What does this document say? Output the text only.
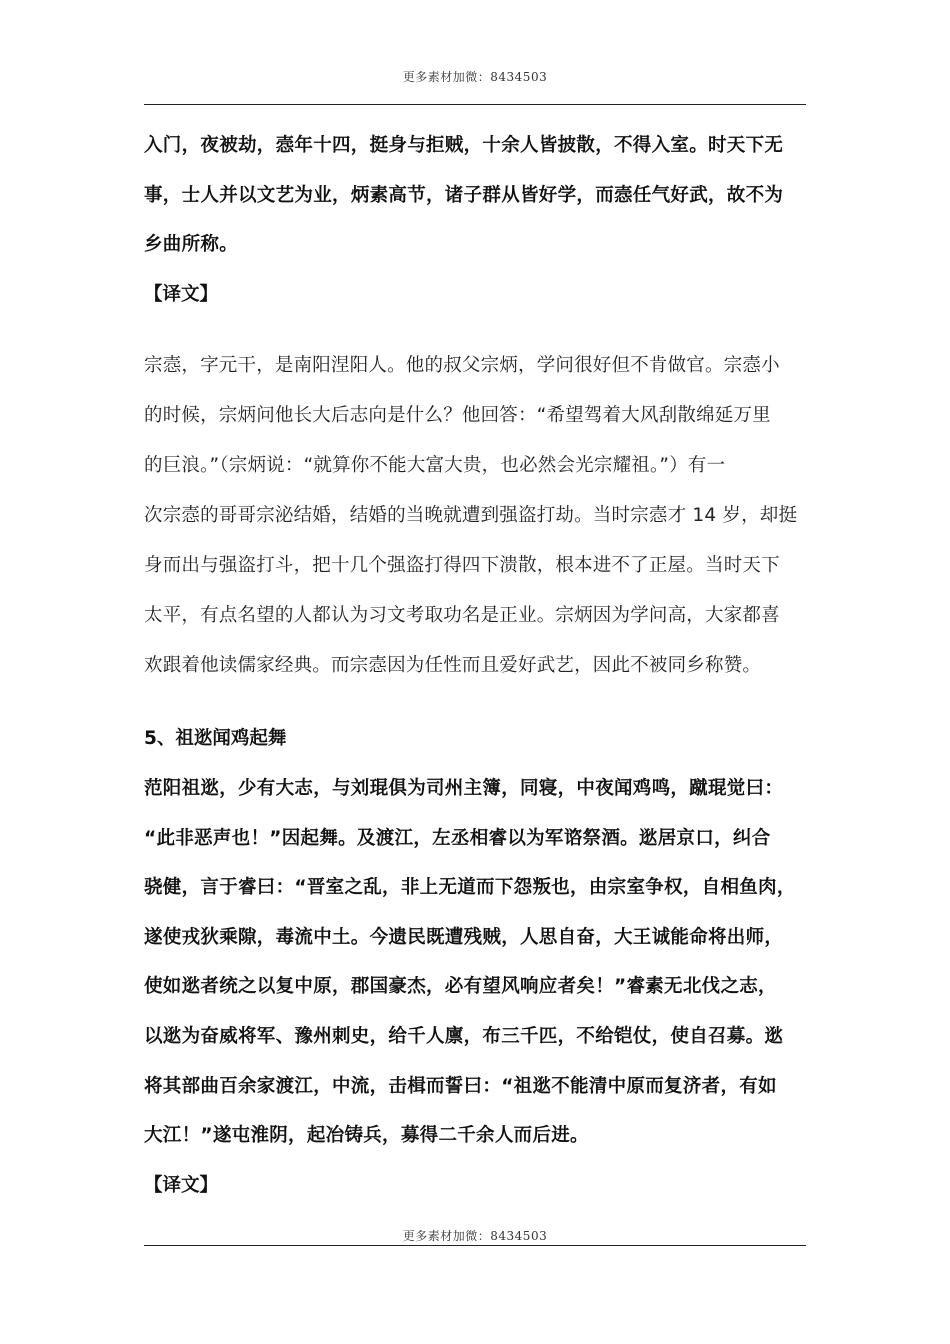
更多素材加微：8434503

入门，夜被劫，悫年十四，挺身与拒贼，十余人皆披散，不得入室。时天下无

事，士人并以文艺为业，炳素高节，诸子群从皆好学，而悫任气好武，故不为

乡曲所称。

【译文】

宗悫，字元干，是南阳涅阳人。他的叔父宗炳，学问很好但不肯做官。宗悫小

的时候，宗炳问他长大后志向是什么？他回答：“希望驾着大风刮散绵延万里

的巨浪。”（宗炳说：“就算你不能大富大贵，也必然会光宗耀祖。”）有一

次宗悫的哥哥宗泌结婚，结婚的当晚就遭到强盗打劫。当时宗悫才 14 岁，却挺

身而出与强盗打斗，把十几个强盗打得四下溃散，根本进不了正屋。当时天下

太平，有点名望的人都认为习文考取功名是正业。宗炳因为学问高，大家都喜

欢跟着他读儒家经典。而宗悫因为任性而且爱好武艺，因此不被同乡称赞。

5、祖逖闻鸡起舞

范阳祖逖，少有大志，与刘琨俱为司州主簿，同寝，中夜闻鸡鸣，蹴琨觉曰：

“此非恶声也！”因起舞。及渡江，左丞相睿以为军谘祭酒。逖居京口，纠合

骁健，言于睿曰：“晋室之乱，非上无道而下怨叛也，由宗室争权，自相鱼肉，

遂使戎狄乘隙，毒流中土。今遗民既遭残贼，人思自奋，大王诚能命将出师，

使如逖者统之以复中原，郡国豪杰，必有望风响应者矣！”睿素无北伐之志，

以逖为奋威将军、豫州刺史，给千人廪，布三千匹，不给铠仗，使自召募。逖

将其部曲百余家渡江，中流，击楫而誓曰：“祖逖不能清中原而复济者，有如

大江！”遂屯淮阴，起冶铸兵，募得二千余人而后进。

【译文】

更多素材加微：8434503
